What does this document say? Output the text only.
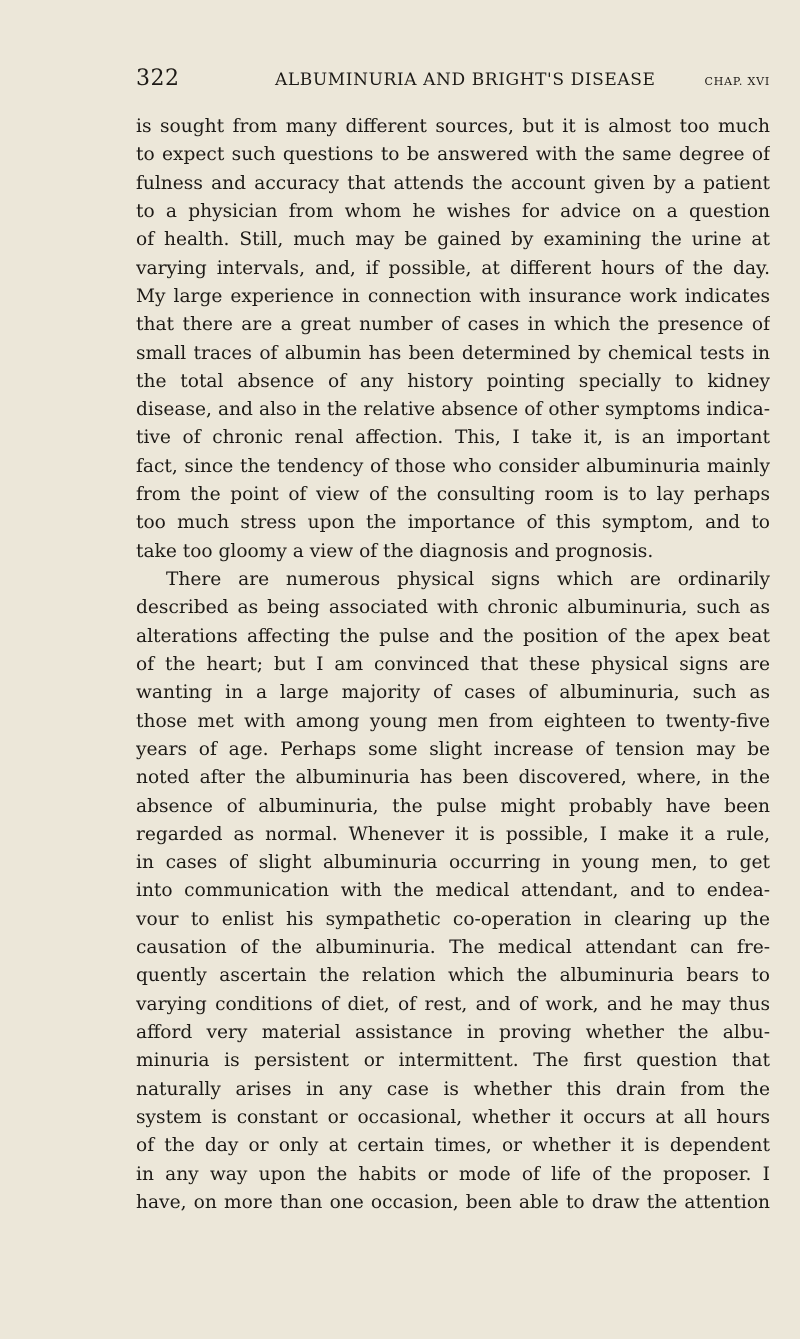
322	ALBUMINURIA AND BRIGHT'S DISEASE	CHAP. XVI
is sought from many different sources, but it is almost too much
to expect such questions to be answered with the same degree of
fulness and accuracy that attends the account given by a patient
to a physician from whom he wishes for advice on a question
of health. Still, much may be gained by examining the urine at
varying intervals, and, if possible, at different hours of the day.
My large experience in connection with insurance work indicates
that there are a great number of cases in which the presence of
small traces of albumin has been determined by chemical tests in
the total absence of any history pointing specially to kidney
disease, and also in the relative absence of other symptoms indica-
tive of chronic renal affection. This, I take it, is an important
fact, since the tendency of those who consider albuminuria mainly
from the point of view of the consulting room is to lay perhaps
too much stress upon the importance of this symptom, and to
take too gloomy a view of the diagnosis and prognosis.
There are numerous physical signs which are ordinarily
described as being associated with chronic albuminuria, such as
alterations affecting the pulse and the position of the apex beat
of the heart; but I am convinced that these physical signs are
wanting in a large majority of cases of albuminuria, such as
those met with among young men from eighteen to twenty-five
years of age. Perhaps some slight increase of tension may be
noted after the albuminuria has been discovered, where, in the
absence of albuminuria, the pulse might probably have been
regarded as normal. Whenever it is possible, I make it a rule,
in cases of slight albuminuria occurring in young men, to get
into communication with the medical attendant, and to endea-
vour to enlist his sympathetic co-operation in clearing up the
causation of the albuminuria. The medical attendant can fre-
quently ascertain the relation which the albuminuria bears to
varying conditions of diet, of rest, and of work, and he may thus
afford very material assistance in proving whether the albu-
minuria is persistent or intermittent. The first question that
naturally arises in any case is whether this drain from the
system is constant or occasional, whether it occurs at all hours
of the day or only at certain times, or whether it is dependent
in any way upon the habits or mode of life of the proposer. I
have, on more than one occasion, been able to draw the attention
